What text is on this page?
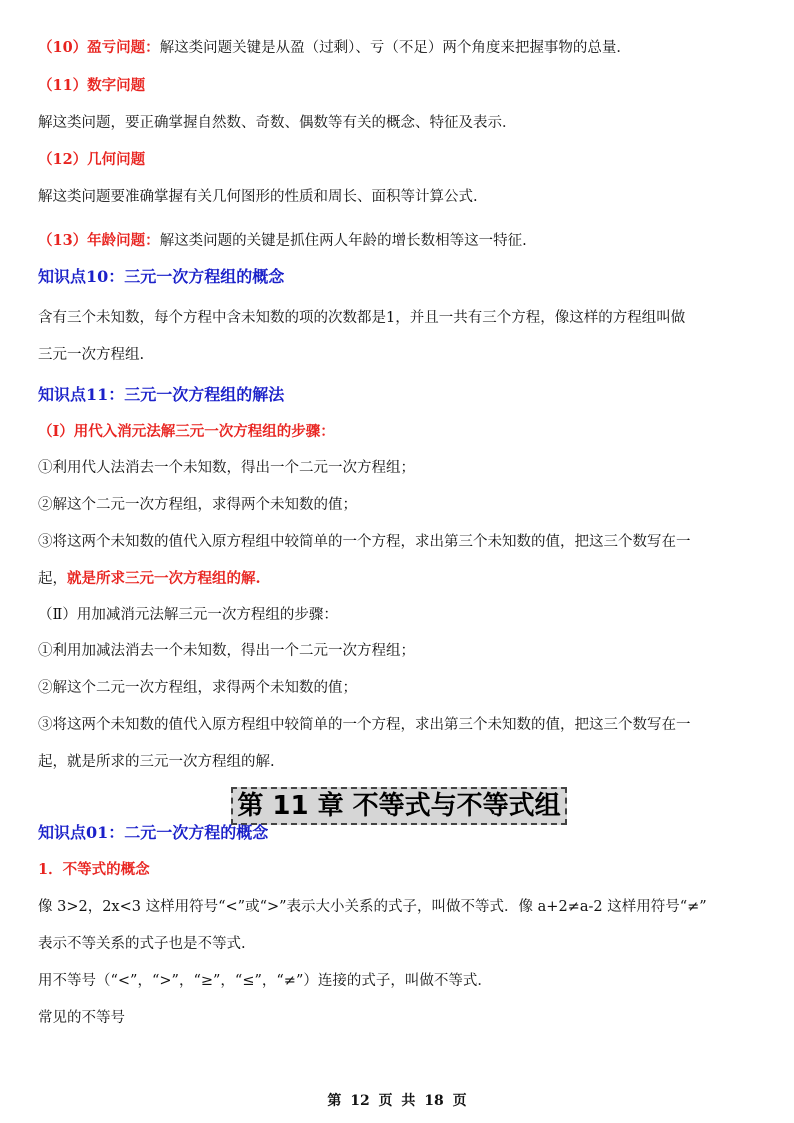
（10）盈亏问题：解这类问题关键是从盈（过剩）、亏（不足）两个角度来把握事物的总量．
（11）数字问题
解这类问题，要正确掌握自然数、奇数、偶数等有关的概念、特征及表示．
（12）几何问题
解这类问题要准确掌握有关几何图形的性质和周长、面积等计算公式.
（13）年龄问题：解这类问题的关键是抓住两人年龄的增长数相等这一特征.
知识点10：三元一次方程组的概念
含有三个未知数，每个方程中含未知数的项的次数都是1，并且一共有三个方程，像这样的方程组叫做
三元一次方程组.
知识点11：三元一次方程组的解法
（Ⅰ）用代入消元法解三元一次方程组的步骤：
①利用代人法消去一个未知数，得出一个二元一次方程组；
②解这个二元一次方程组，求得两个未知数的值；
③将这两个未知数的值代入原方程组中较简单的一个方程，求出第三个未知数的值，把这三个数写在一
起，就是所求三元一次方程组的解.
（Ⅱ）用加减消元法解三元一次方程组的步骤：
①利用加减法消去一个未知数，得出一个二元一次方程组；
②解这个二元一次方程组，求得两个未知数的值；
③将这两个未知数的值代入原方程组中较简单的一个方程，求出第三个未知数的值，把这三个数写在一
起，就是所求的三元一次方程组的解.
第 11 章 不等式与不等式组
知识点01：二元一次方程的概念
1．不等式的概念
像 3>2，2x<3 这样用符号“<”或“>”表示大小关系的式子，叫做不等式．像 a+2≠a-2 这样用符号“≠”
表示不等关系的式子也是不等式.
用不等号（“<”，“>”，“≥”，“≤”，“≠”）连接的式子，叫做不等式．
常见的不等号
第 12 页 共 18 页
